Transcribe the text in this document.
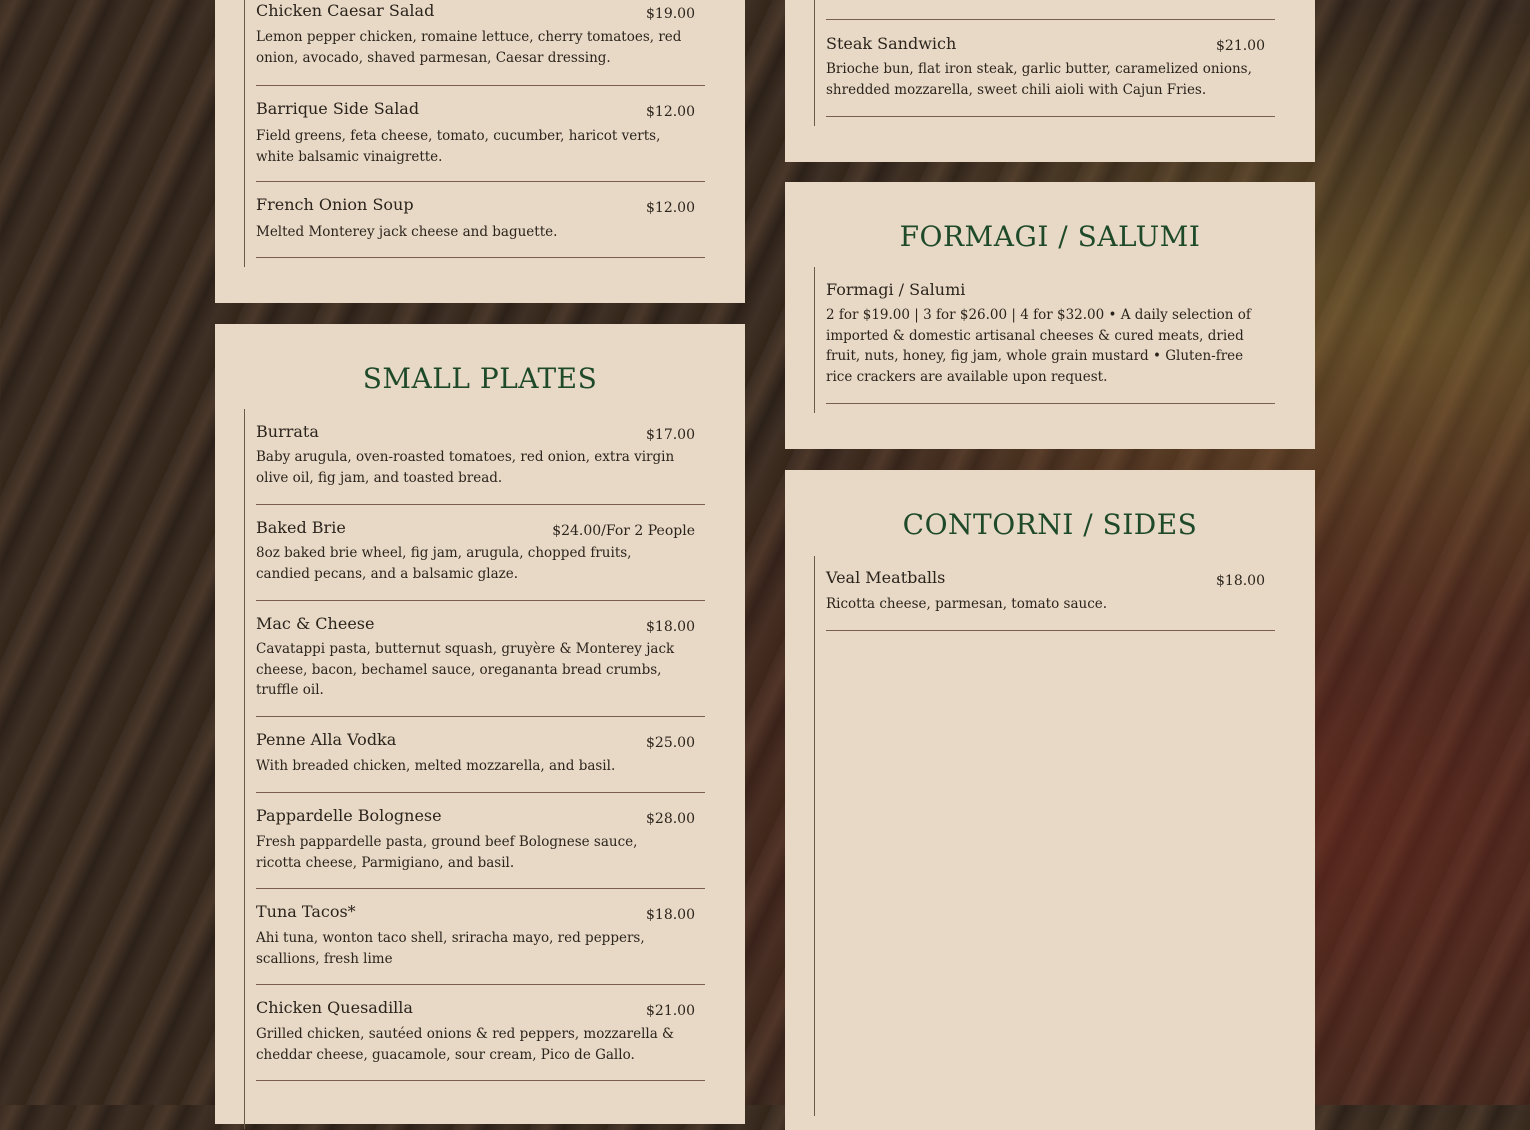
Chicken Caesar Salad	$19.00
Lemon pepper chicken, romaine lettuce, cherry tomatoes, red onion, avocado, shaved parmesan, Caesar dressing.
Barrique Side Salad	$12.00
Field greens, feta cheese, tomato, cucumber, haricot verts, white balsamic vinaigrette.
French Onion Soup	$12.00
Melted Monterey jack cheese and baguette.
SMALL PLATES
Burrata	$17.00
Baby arugula, oven-roasted tomatoes, red onion, extra virgin olive oil, fig jam, and toasted bread.
Baked Brie	$24.00/For 2 People
8oz baked brie wheel, fig jam, arugula, chopped fruits, candied pecans, and a balsamic glaze.
Mac & Cheese	$18.00
Cavatappi pasta, butternut squash, gruyère & Monterey jack cheese, bacon, bechamel sauce, oregananta bread crumbs, truffle oil.
Penne Alla Vodka	$25.00
With breaded chicken, melted mozzarella, and basil.
Pappardelle Bolognese	$28.00
Fresh pappardelle pasta, ground beef Bolognese sauce, ricotta cheese, Parmigiano, and basil.
Tuna Tacos*	$18.00
Ahi tuna, wonton taco shell, sriracha mayo, red peppers, scallions, fresh lime
Chicken Quesadilla	$21.00
Grilled chicken, sautéed onions & red peppers, mozzarella & cheddar cheese, guacamole, sour cream, Pico de Gallo.
Steak Sandwich	$21.00
Brioche bun, flat iron steak, garlic butter, caramelized onions, shredded mozzarella, sweet chili aioli with Cajun Fries.
FORMAGI / SALUMI
Formagi / Salumi
2 for $19.00 | 3 for $26.00 | 4 for $32.00 • A daily selection of imported & domestic artisanal cheeses & cured meats, dried fruit, nuts, honey, fig jam, whole grain mustard • Gluten-free rice crackers are available upon request.
CONTORNI / SIDES
Veal Meatballs	$18.00
Ricotta cheese, parmesan, tomato sauce.
